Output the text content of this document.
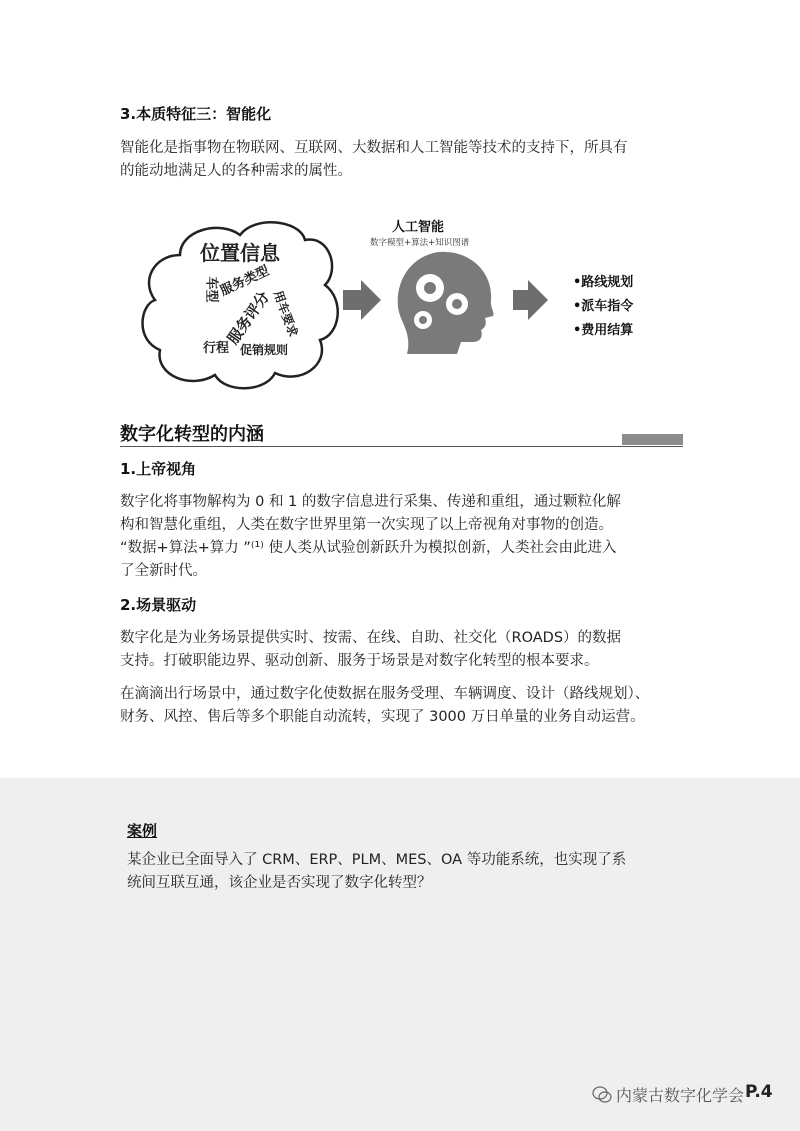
3.本质特征三：智能化
智能化是指事物在物联网、互联网、大数据和人工智能等技术的支持下，所具有
的能动地满足人的各种需求的属性。
位置信息
车型 服务类型
服务评分
用车要求
行程 促销规则
人工智能
数字模型+算法+知识图谱
•路线规划
•派车指令
•费用结算
数字化转型的内涵
1.上帝视角
数字化将事物解构为 0 和 1 的数字信息进行采集、传递和重组，通过颗粒化解
构和智慧化重组，人类在数字世界里第一次实现了以上帝视角对事物的创造。
“数据+算法+算力 ”⁽¹⁾ 使人类从试验创新跃升为模拟创新，人类社会由此进入
了全新时代。
2.场景驱动
数字化是为业务场景提供实时、按需、在线、自助、社交化（ROADS）的数据
支持。打破职能边界、驱动创新、服务于场景是对数字化转型的根本要求。
在滴滴出行场景中，通过数字化使数据在服务受理、车辆调度、设计（路线规划）、
财务、风控、售后等多个职能自动流转，实现了 3000 万日单量的业务自动运营。
案例
某企业已全面导入了 CRM、ERP、PLM、MES、OA 等功能系统，也实现了系
统间互联互通，该企业是否实现了数字化转型？
内蒙古数字化学会 P.4
